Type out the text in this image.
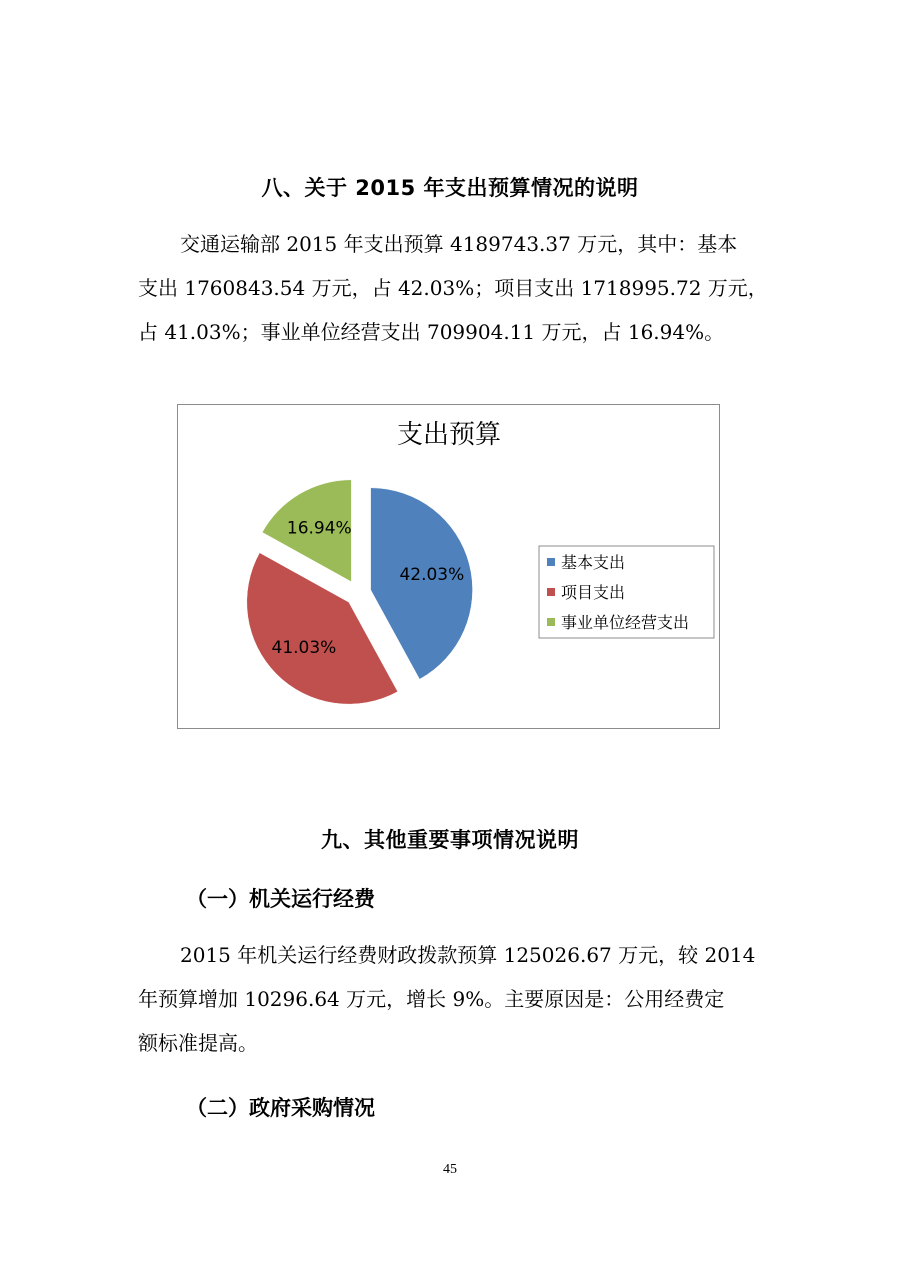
八、关于 2015 年支出预算情况的说明
交通运输部 2015 年支出预算 4189743.37 万元，其中：基本
支出 1760843.54 万元，占 42.03%；项目支出 1718995.72 万元，
占 41.03%；事业单位经营支出 709904.11 万元，占 16.94%。
支出预算
42.03%
41.03%
16.94%
基本支出
项目支出
事业单位经营支出
九、其他重要事项情况说明
（一）机关运行经费
2015 年机关运行经费财政拨款预算 125026.67 万元，较 2014
年预算增加 10296.64 万元，增长 9%。主要原因是：公用经费定
额标准提高。
（二）政府采购情况
45
